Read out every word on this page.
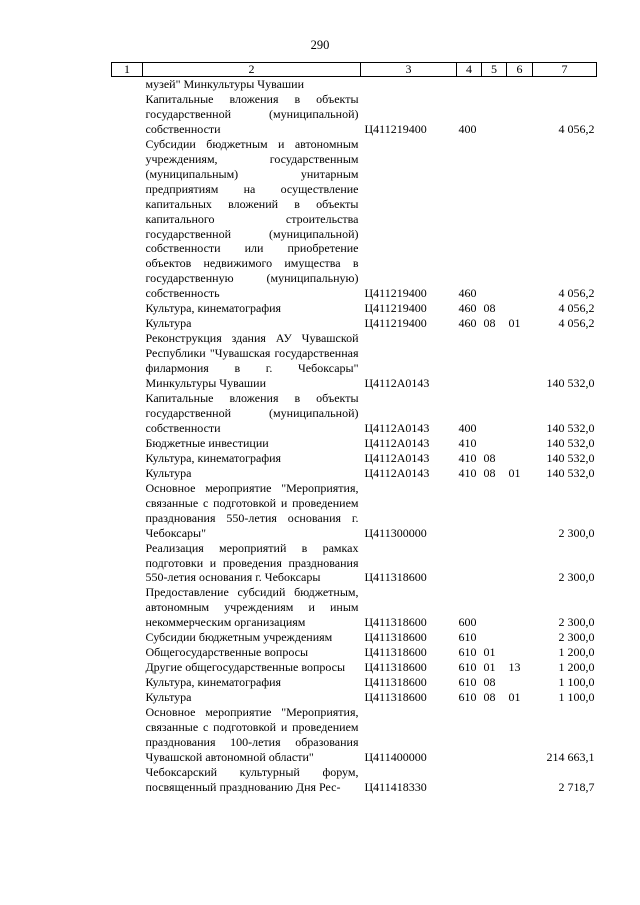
290
1	2	3	4	5	6	7
	музей" Минкультуры Чувашии					
	Капитальные вложения в объекты государственной (муниципальной) собственности	Ц411219400	400			4 056,2
	Субсидии бюджетным и автономным учреждениям, государственным (муниципальным) унитарным предприятиям на осуществление капитальных вложений в объекты капитального строительства государственной (муниципальной) собственности или приобретение объектов недвижимого имущества в государственную (муниципальную) собственность	Ц411219400	460			4 056,2
	Культура, кинематография	Ц411219400	460	08		4 056,2
	Культура	Ц411219400	460	08	01	4 056,2
	Реконструкция здания АУ Чувашской Республики "Чувашская государственная филармония в г. Чебоксары" Минкультуры Чувашии	Ц4112А0143				140 532,0
	Капитальные вложения в объекты государственной (муниципальной) собственности	Ц4112А0143	400			140 532,0
	Бюджетные инвестиции	Ц4112А0143	410			140 532,0
	Культура, кинематография	Ц4112А0143	410	08		140 532,0
	Культура	Ц4112А0143	410	08	01	140 532,0
	Основное мероприятие "Мероприятия, связанные с подготовкой и проведением празднования 550-летия основания г. Чебоксары"	Ц411300000				2 300,0
	Реализация мероприятий в рамках подготовки и проведения празднования 550-летия основания г. Чебоксары	Ц411318600				2 300,0
	Предоставление субсидий бюджетным, автономным учреждениям и иным некоммерческим организациям	Ц411318600	600			2 300,0
	Субсидии бюджетным учреждениям	Ц411318600	610			2 300,0
	Общегосударственные вопросы	Ц411318600	610	01		1 200,0
	Другие общегосударственные вопросы	Ц411318600	610	01	13	1 200,0
	Культура, кинематография	Ц411318600	610	08		1 100,0
	Культура	Ц411318600	610	08	01	1 100,0
	Основное мероприятие "Мероприятия, связанные с подготовкой и проведением празднования 100-летия образования Чувашской автономной области"	Ц411400000				214 663,1
	Чебоксарский культурный форум, посвященный празднованию Дня Рес-	Ц411418330				2 718,7
